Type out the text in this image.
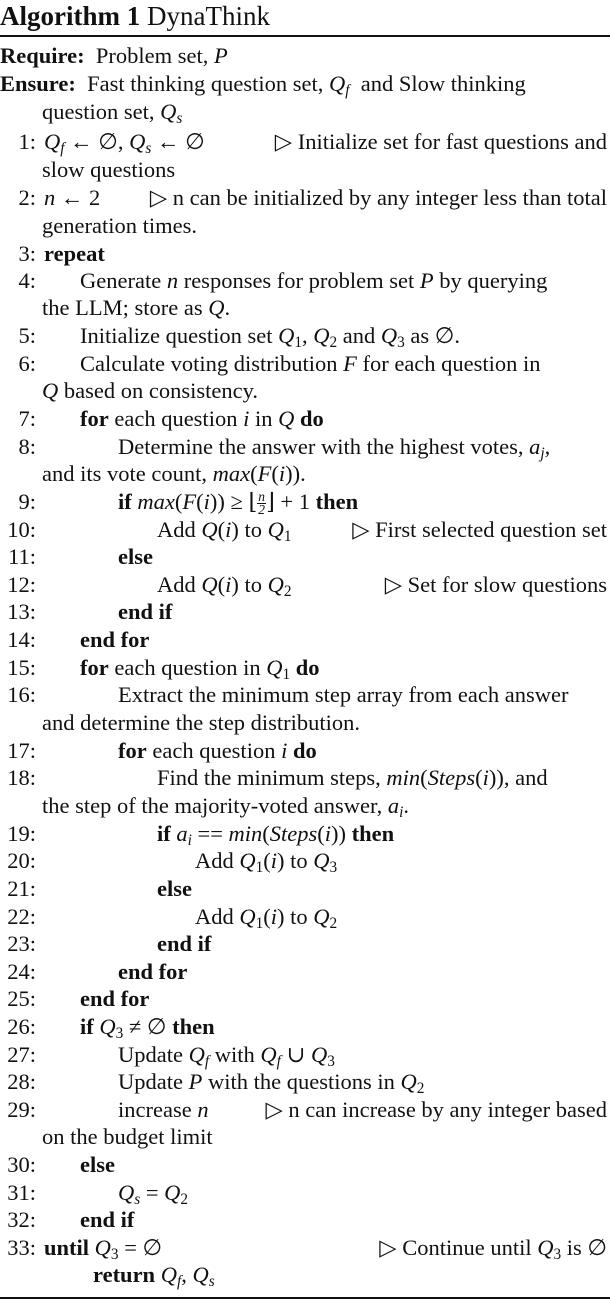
Algorithm 1 DynaThink
Require:  Problem set, P
Ensure:  Fast thinking question set, $Q_f$  and Slow thinking
question set, $Q_s$
1: $Q_f$ ← ∅, $Q_s$ ← ∅	▷ Initialize set for fast questions and
slow questions
2: n ← 2	▷ n can be initialized by any integer less than total
generation times.
3: repeat
4: Generate n responses for problem set P by querying
the LLM; store as Q.
5: Initialize question set $Q_1$, $Q_2$ and $Q_3$ as ∅.
6: Calculate voting distribution F for each question in
Q based on consistency.
7: for each question i in Q do
8:	Determine the answer with the highest votes, $a_j$,
and its vote count, max(F(i)).
9:	if max(F(i)) ≥ ⌊ $\frac{n}{2}$ ⌋ + 1 then
10:	Add Q(i) to $Q_1$	▷ First selected question set
11:	else
12:	Add Q(i) to $Q_2$	▷ Set for slow questions
13:	end if
14: end for
15: for each question in $Q_1$ do
16:	Extract the minimum step array from each answer
and determine the step distribution.
17:	for each question i do
18:	Find the minimum steps, min(Steps(i)), and
the step of the majority-voted answer, $a_i$.
19:	if $a_i$ == min(Steps(i)) then
20:	Add $Q_1(i)$ to $Q_3$
21:	else
22:	Add $Q_1(i)$ to $Q_2$
23:	end if
24:	end for
25: end for
26: if $Q_3$ ≠ ∅ then
27:	Update $Q_f$ with $Q_f$ ∪ $Q_3$
28:	Update P with the questions in $Q_2$
29:	increase n	▷ n can increase by any integer based
on the budget limit
30: else
31:	$Q_s = Q_2$
32: end if
33: until $Q_3$ = ∅	▷ Continue until $Q_3$ is ∅
return $Q_f$, $Q_s$
